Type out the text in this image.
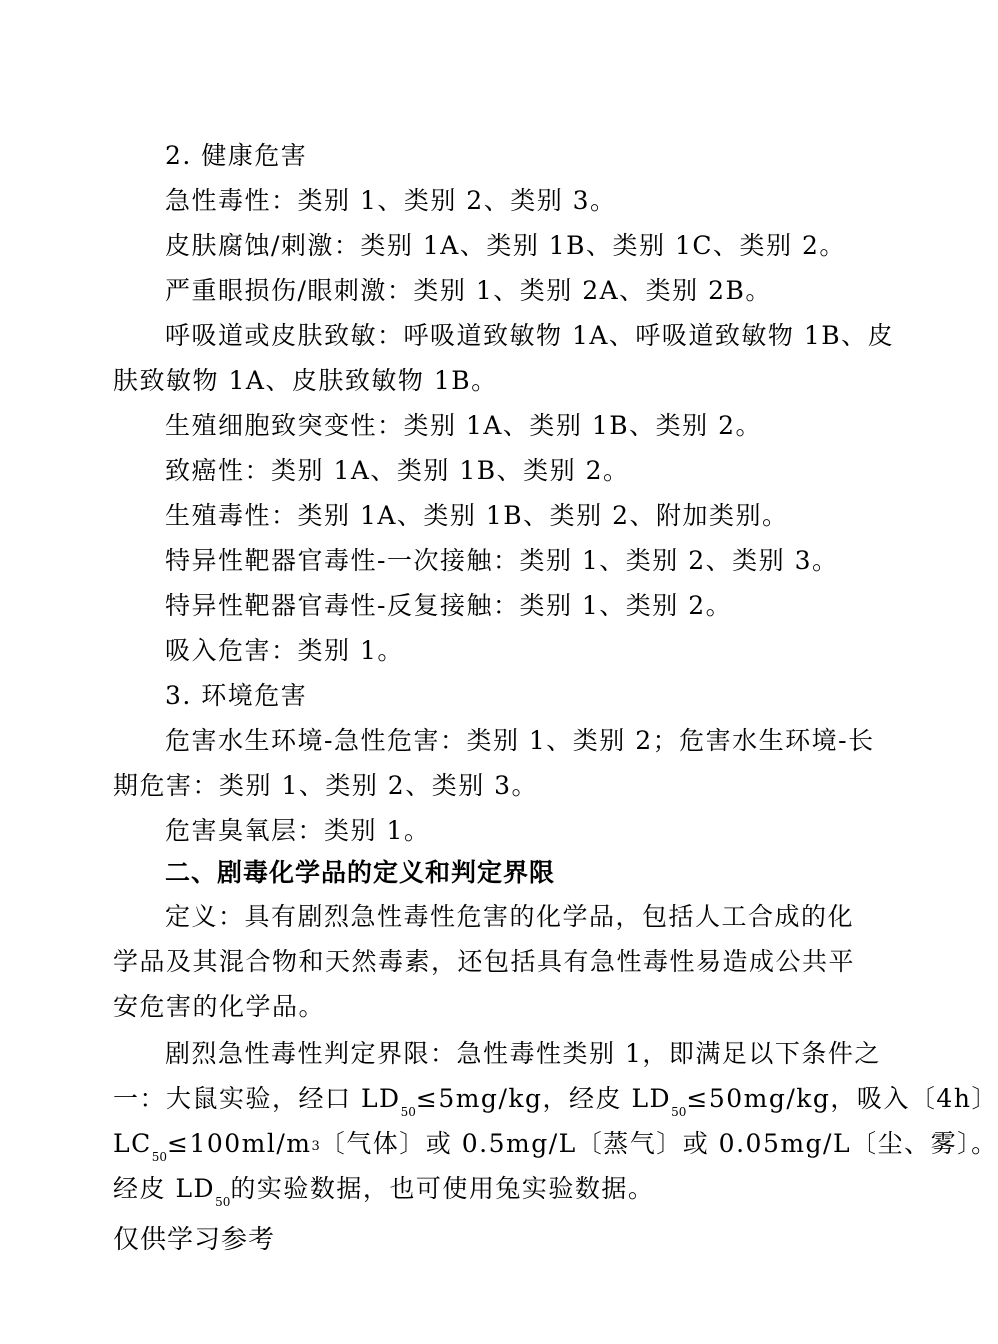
2. 健康危害
急性毒性：类别 1、类别 2、类别 3。
皮肤腐蚀/刺激：类别 1A、类别 1B、类别 1C、类别 2。
严重眼损伤/眼刺激：类别 1、类别 2A、类别 2B。
呼吸道或皮肤致敏：呼吸道致敏物 1A、呼吸道致敏物 1B、皮
肤致敏物 1A、皮肤致敏物 1B。
生殖细胞致突变性：类别 1A、类别 1B、类别 2。
致癌性：类别 1A、类别 1B、类别 2。
生殖毒性：类别 1A、类别 1B、类别 2、附加类别。
特异性靶器官毒性-一次接触：类别 1、类别 2、类别 3。
特异性靶器官毒性-反复接触：类别 1、类别 2。
吸入危害：类别 1。
3. 环境危害
危害水生环境-急性危害：类别 1、类别 2；危害水生环境-长
期危害：类别 1、类别 2、类别 3。
危害臭氧层：类别 1。
二、剧毒化学品的定义和判定界限
定义：具有剧烈急性毒性危害的化学品，包括人工合成的化
学品及其混合物和天然毒素，还包括具有急性毒性易造成公共平
安危害的化学品。
剧烈急性毒性判定界限：急性毒性类别 1，即满足以下条件之
一：大鼠实验，经口 $LD_{50}\le 5mg/kg$，经皮 $LD_{50}\le 50mg/kg$，吸入〔4h〕
$LC_{50}\le 100ml/m3$〔气体〕或 0.5mg/L〔蒸气〕或 0.05mg/L〔尘、雾〕。
经皮 $LD_{50}$的实验数据，也可使用兔实验数据。
仅供学习参考
